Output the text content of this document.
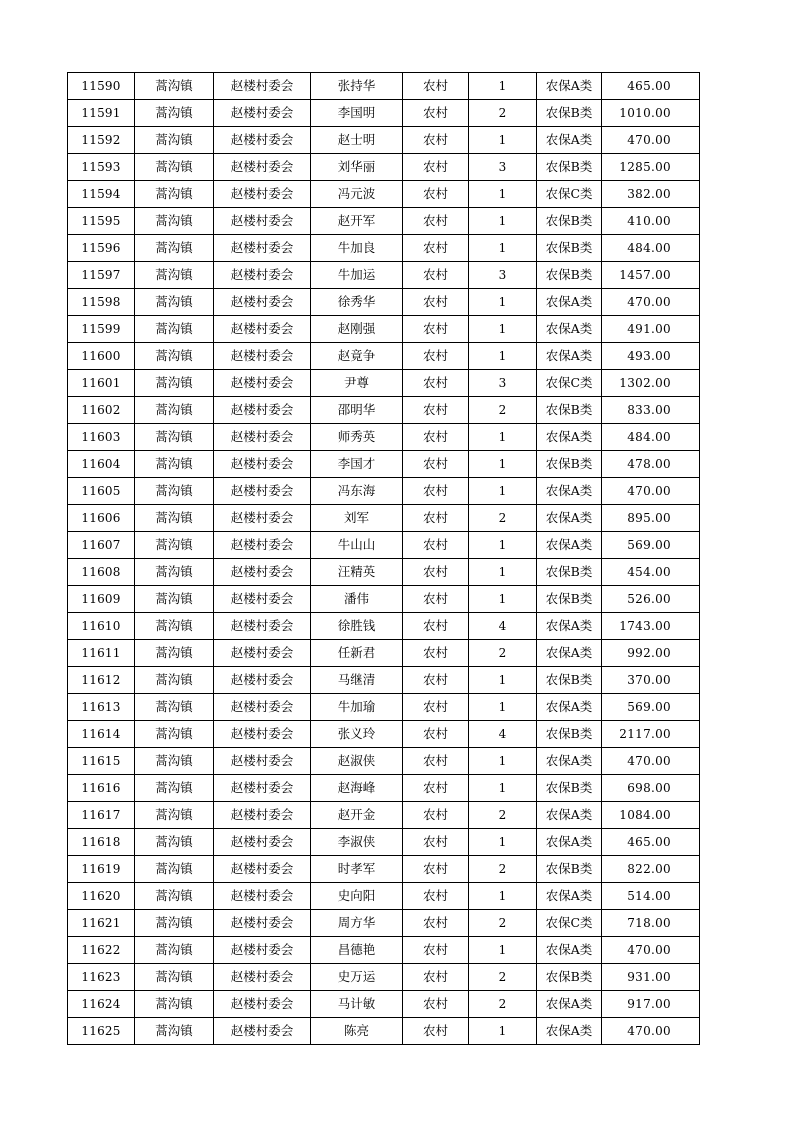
11590	蒿沟镇	赵楼村委会	张持华	农村	1	农保A类	465.00
11591	蒿沟镇	赵楼村委会	李国明	农村	2	农保B类	1010.00
11592	蒿沟镇	赵楼村委会	赵士明	农村	1	农保A类	470.00
11593	蒿沟镇	赵楼村委会	刘华丽	农村	3	农保B类	1285.00
11594	蒿沟镇	赵楼村委会	冯元波	农村	1	农保C类	382.00
11595	蒿沟镇	赵楼村委会	赵开军	农村	1	农保B类	410.00
11596	蒿沟镇	赵楼村委会	牛加良	农村	1	农保B类	484.00
11597	蒿沟镇	赵楼村委会	牛加运	农村	3	农保B类	1457.00
11598	蒿沟镇	赵楼村委会	徐秀华	农村	1	农保A类	470.00
11599	蒿沟镇	赵楼村委会	赵刚强	农村	1	农保A类	491.00
11600	蒿沟镇	赵楼村委会	赵竟争	农村	1	农保A类	493.00
11601	蒿沟镇	赵楼村委会	尹尊	农村	3	农保C类	1302.00
11602	蒿沟镇	赵楼村委会	邵明华	农村	2	农保B类	833.00
11603	蒿沟镇	赵楼村委会	师秀英	农村	1	农保A类	484.00
11604	蒿沟镇	赵楼村委会	李国才	农村	1	农保B类	478.00
11605	蒿沟镇	赵楼村委会	冯东海	农村	1	农保A类	470.00
11606	蒿沟镇	赵楼村委会	刘军	农村	2	农保A类	895.00
11607	蒿沟镇	赵楼村委会	牛山山	农村	1	农保A类	569.00
11608	蒿沟镇	赵楼村委会	汪精英	农村	1	农保B类	454.00
11609	蒿沟镇	赵楼村委会	潘伟	农村	1	农保B类	526.00
11610	蒿沟镇	赵楼村委会	徐胜钱	农村	4	农保A类	1743.00
11611	蒿沟镇	赵楼村委会	任新君	农村	2	农保A类	992.00
11612	蒿沟镇	赵楼村委会	马继清	农村	1	农保B类	370.00
11613	蒿沟镇	赵楼村委会	牛加瑜	农村	1	农保A类	569.00
11614	蒿沟镇	赵楼村委会	张义玲	农村	4	农保B类	2117.00
11615	蒿沟镇	赵楼村委会	赵淑侠	农村	1	农保A类	470.00
11616	蒿沟镇	赵楼村委会	赵海峰	农村	1	农保B类	698.00
11617	蒿沟镇	赵楼村委会	赵开金	农村	2	农保A类	1084.00
11618	蒿沟镇	赵楼村委会	李淑侠	农村	1	农保A类	465.00
11619	蒿沟镇	赵楼村委会	时孝军	农村	2	农保B类	822.00
11620	蒿沟镇	赵楼村委会	史向阳	农村	1	农保A类	514.00
11621	蒿沟镇	赵楼村委会	周方华	农村	2	农保C类	718.00
11622	蒿沟镇	赵楼村委会	昌德艳	农村	1	农保A类	470.00
11623	蒿沟镇	赵楼村委会	史万运	农村	2	农保B类	931.00
11624	蒿沟镇	赵楼村委会	马计敏	农村	2	农保A类	917.00
11625	蒿沟镇	赵楼村委会	陈亮	农村	1	农保A类	470.00
